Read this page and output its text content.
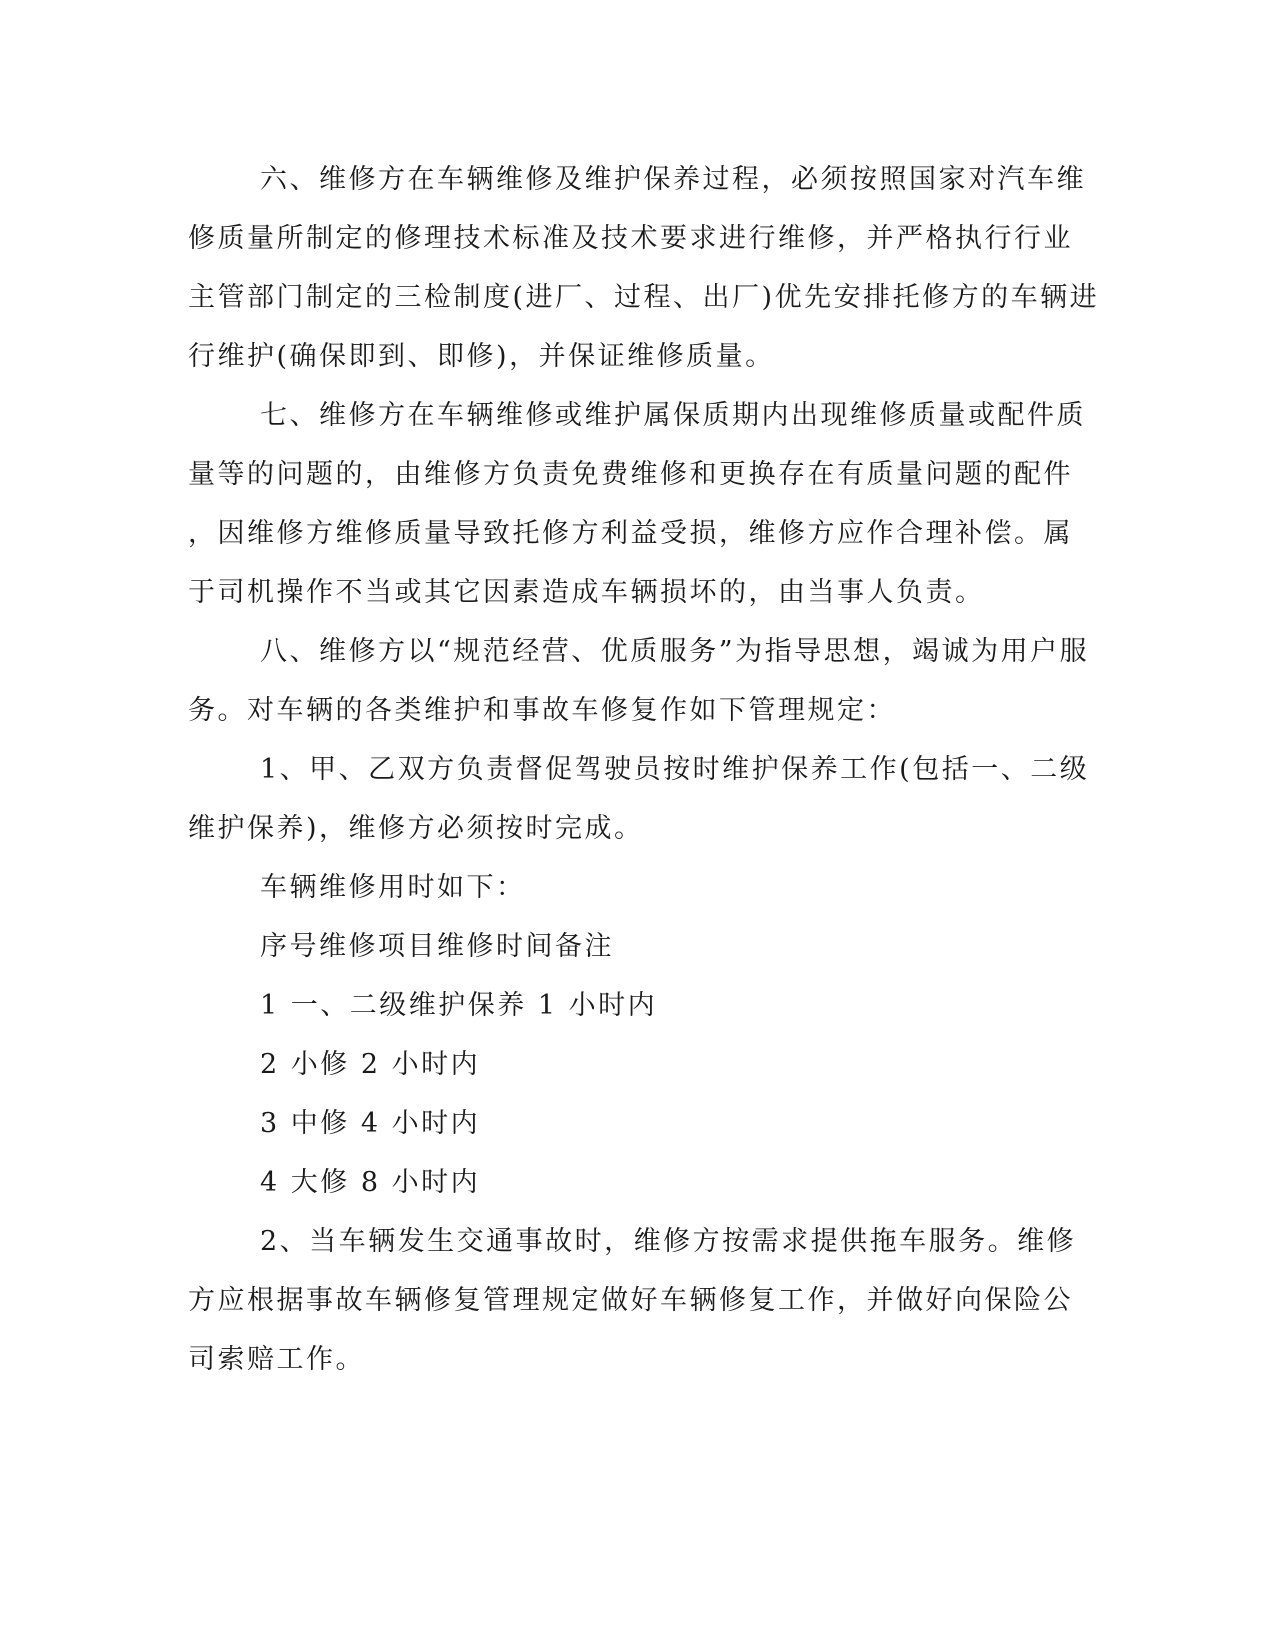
六、维修方在车辆维修及维护保养过程，必须按照国家对汽车维
修质量所制定的修理技术标准及技术要求进行维修，并严格执行行业
主管部门制定的三检制度(进厂、过程、出厂)优先安排托修方的车辆进
行维护(确保即到、即修)，并保证维修质量。
七、维修方在车辆维修或维护属保质期内出现维修质量或配件质
量等的问题的，由维修方负责免费维修和更换存在有质量问题的配件
，因维修方维修质量导致托修方利益受损，维修方应作合理补偿。属
于司机操作不当或其它因素造成车辆损坏的，由当事人负责。
八、维修方以“规范经营、优质服务”为指导思想，竭诚为用户服
务。对车辆的各类维护和事故车修复作如下管理规定：
1、甲、乙双方负责督促驾驶员按时维护保养工作(包括一、二级
维护保养)，维修方必须按时完成。
车辆维修用时如下：
序号维修项目维修时间备注
1 一、二级维护保养 1 小时内
2 小修 2 小时内
3 中修 4 小时内
4 大修 8 小时内
2、当车辆发生交通事故时，维修方按需求提供拖车服务。维修
方应根据事故车辆修复管理规定做好车辆修复工作，并做好向保险公
司索赔工作。
